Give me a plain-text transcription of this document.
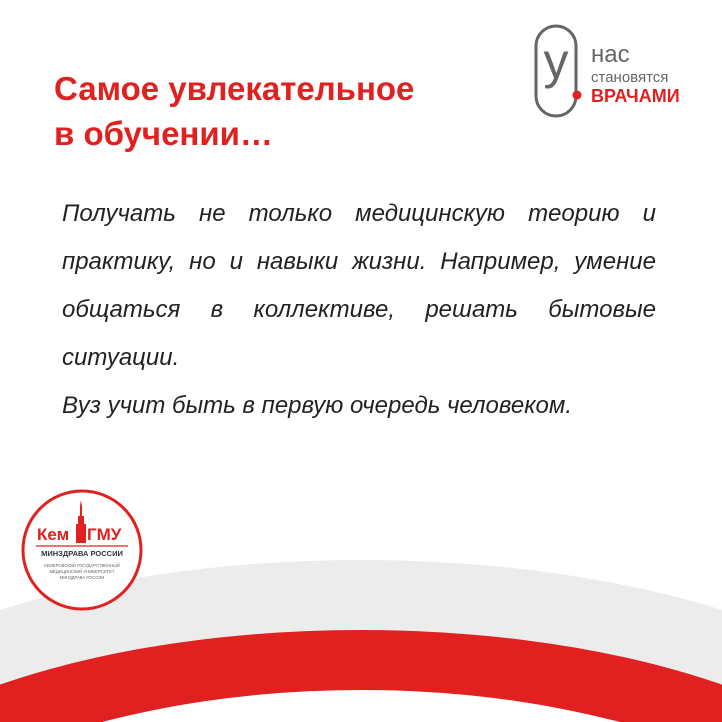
Самое увлекательное
в обучении…
у нас
становятся
ВРАЧАМИ

Получать не только медицинскую теорию и практику, но и навыки жизни. Например, умение общаться в коллективе, решать бытовые ситуации.

Вуз учит быть в первую очередь человеком.

Кем ГМУ
МИНЗДРАВА РОССИИ
КЕМЕРОВСКИЙ ГОСУДАРСТВЕННЫЙ
МЕДИЦИНСКИЙ УНИВЕРСИТЕТ
МИНЗДРАВА РОССИИ
